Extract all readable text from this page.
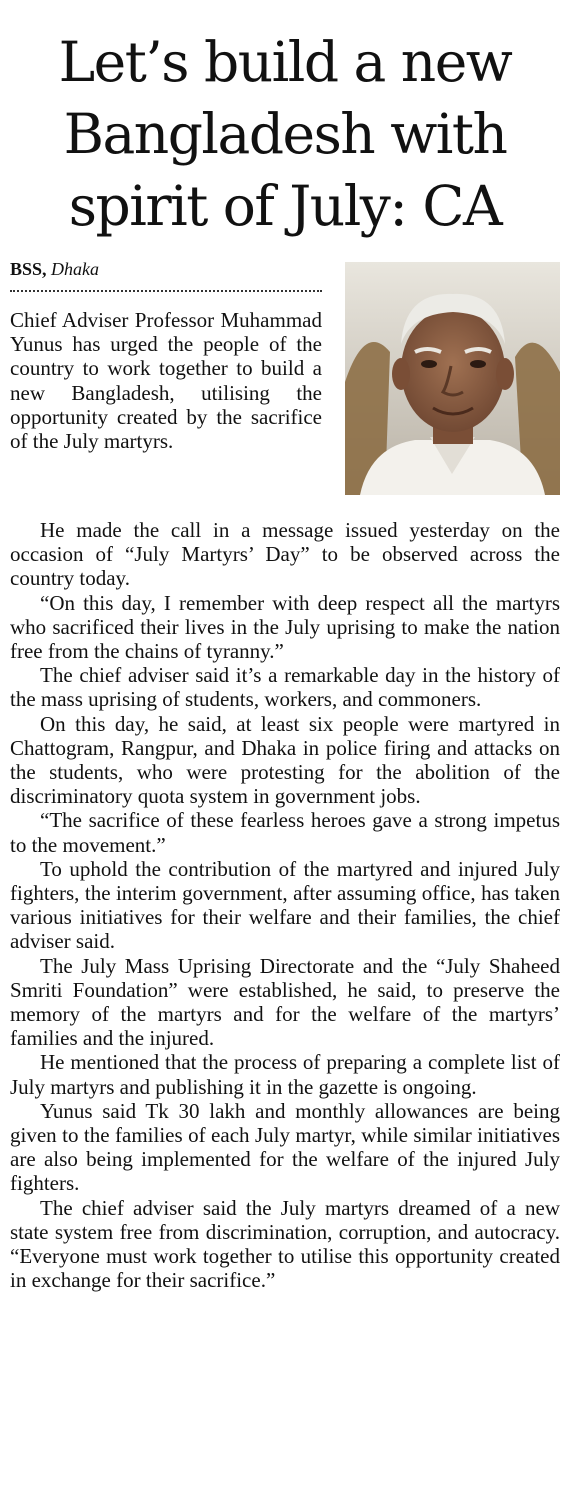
Let’s build a new Bangladesh with spirit of July: CA
BSS, Dhaka

Chief Adviser Professor Muhammad Yunus has urged the people of the country to work together to build a new Bangladesh, utilising the opportunity created by the sacrifice of the July martyrs.

He made the call in a message issued yesterday on the occasion of “July Martyrs’ Day” to be observed across the country today.

“On this day, I remember with deep respect all the martyrs who sacrificed their lives in the July uprising to make the nation free from the chains of tyranny.”

The chief adviser said it’s a remarkable day in the history of the mass uprising of students, workers, and commoners.

On this day, he said, at least six people were martyred in Chattogram, Rangpur, and Dhaka in police firing and attacks on the students, who were protesting for the abolition of the discriminatory quota system in government jobs.

“The sacrifice of these fearless heroes gave a strong impetus to the movement.”

To uphold the contribution of the martyred and injured July fighters, the interim government, after assuming office, has taken various initiatives for their welfare and their families, the chief adviser said.

The July Mass Uprising Directorate and the “July Shaheed Smriti Foundation” were established, he said, to preserve the memory of the martyrs and for the welfare of the martyrs’ families and the injured.

He mentioned that the process of preparing a complete list of July martyrs and publishing it in the gazette is ongoing.

Yunus said Tk 30 lakh and monthly allowances are being given to the families of each July martyr, while similar initiatives are also being implemented for the welfare of the injured July fighters.

The chief adviser said the July martyrs dreamed of a new state system free from discrimination, corruption, and autocracy. “Everyone must work together to utilise this opportunity created in exchange for their sacrifice.”
